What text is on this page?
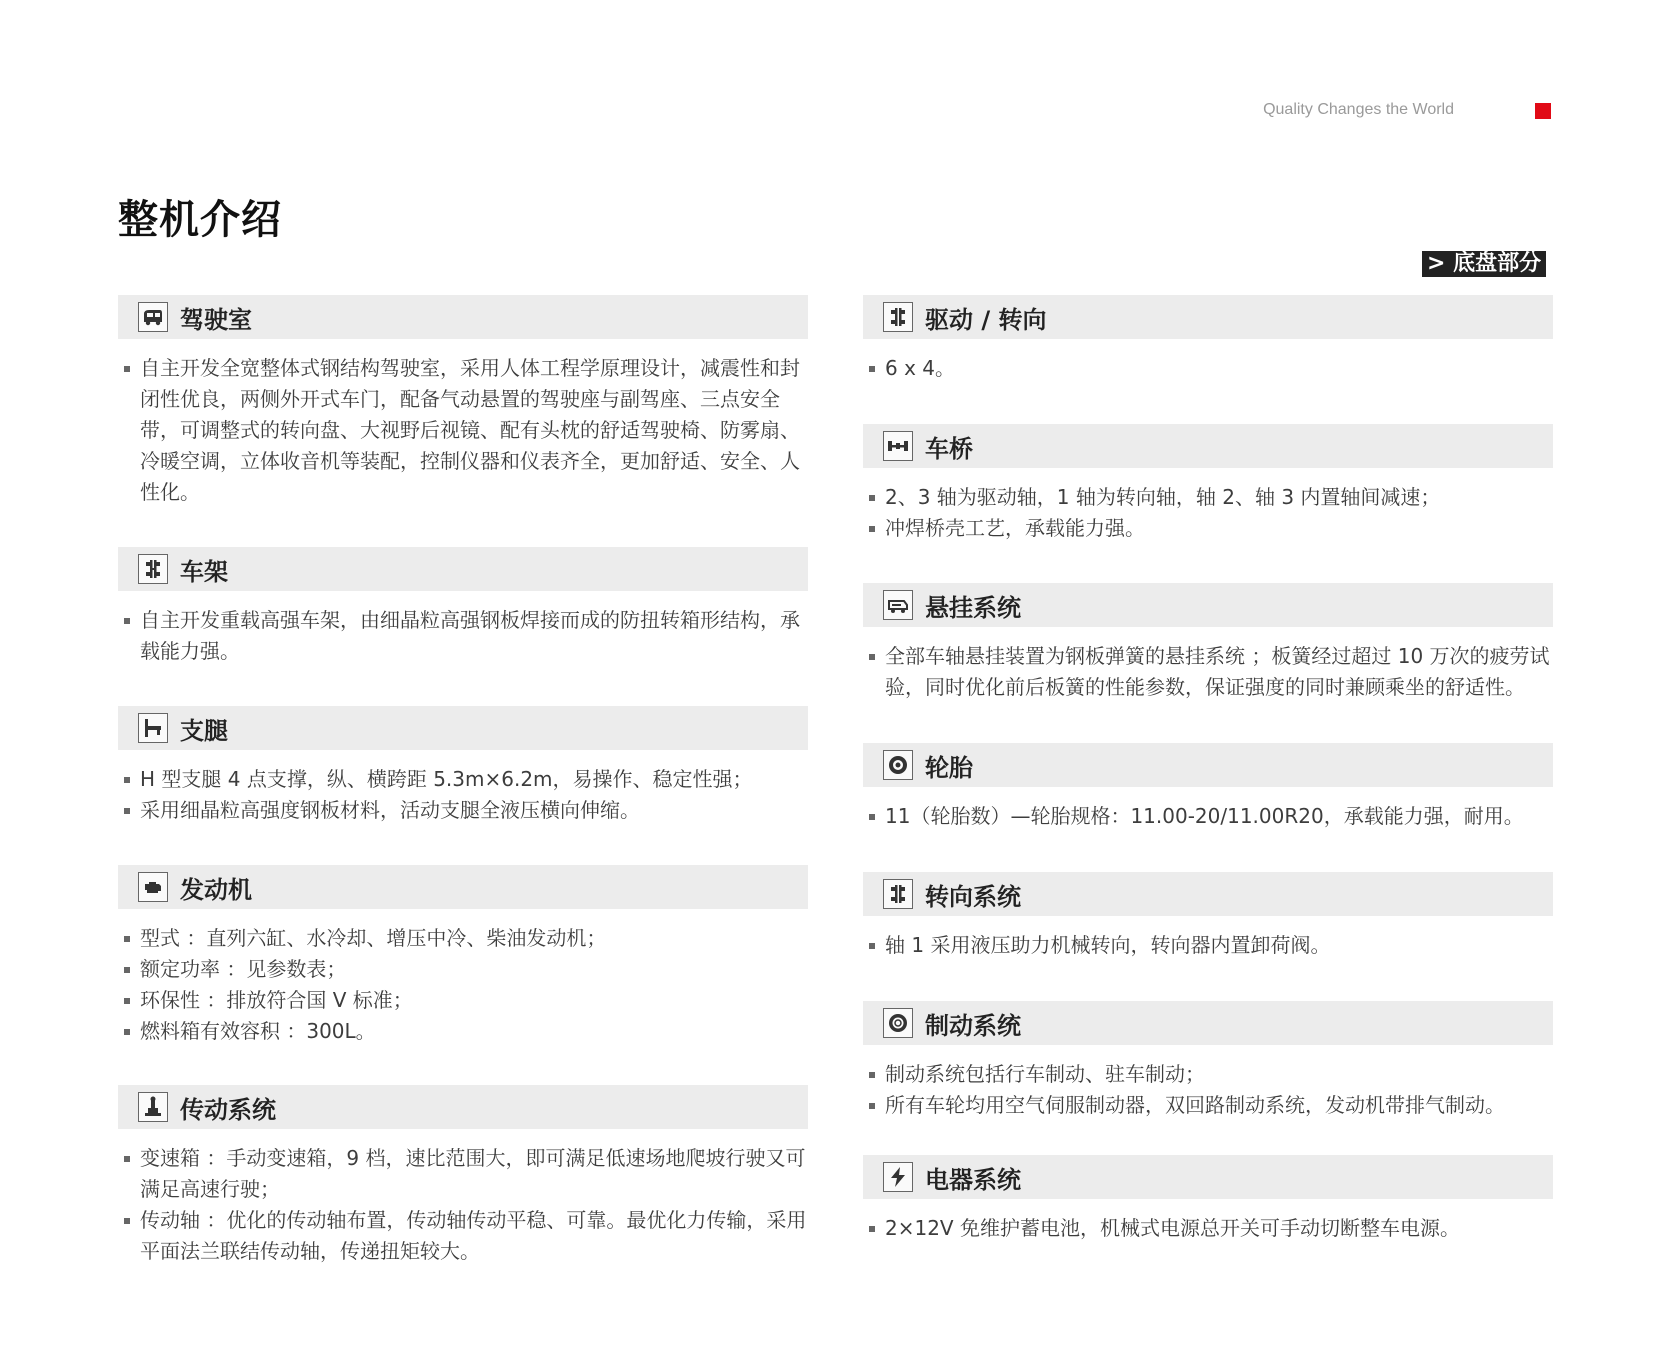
Quality Changes the World
整机介绍
> 底盘部分
驾驶室
自主开发全宽整体式钢结构驾驶室，采用人体工程学原理设计，减震性和封闭性优良，两侧外开式车门，配备气动悬置的驾驶座与副驾座、三点安全带，可调整式的转向盘、大视野后视镜、配有头枕的舒适驾驶椅、防雾扇、冷暖空调，立体收音机等装配，控制仪器和仪表齐全，更加舒适、安全、人性化。
车架
自主开发重载高强车架，由细晶粒高强钢板焊接而成的防扭转箱形结构，承载能力强。
支腿
H 型支腿 4 点支撑，纵、横跨距 5.3m×6.2m，易操作、稳定性强；
采用细晶粒高强度钢板材料，活动支腿全液压横向伸缩。
发动机
型式 ：直列六缸、水冷却、增压中冷、柴油发动机；
额定功率 ：见参数表；
环保性 ：排放符合国 V 标准；
燃料箱有效容积 ：300L。
传动系统
变速箱 ：手动变速箱，9 档，速比范围大，即可满足低速场地爬坡行驶又可满足高速行驶；
传动轴 ：优化的传动轴布置，传动轴传动平稳、可靠。最优化力传输，采用平面法兰联结传动轴，传递扭矩较大。
驱动 / 转向
6 x 4。
车桥
2、3 轴为驱动轴，1 轴为转向轴，轴 2、轴 3 内置轴间减速；
冲焊桥壳工艺，承载能力强。
悬挂系统
全部车轴悬挂装置为钢板弹簧的悬挂系统 ；板簧经过超过 10 万次的疲劳试验，同时优化前后板簧的性能参数，保证强度的同时兼顾乘坐的舒适性。
轮胎
11（轮胎数）—轮胎规格：11.00-20/11.00R20，承载能力强，耐用。
转向系统
轴 1 采用液压助力机械转向，转向器内置卸荷阀。
制动系统
制动系统包括行车制动、驻车制动；
所有车轮均用空气伺服制动器，双回路制动系统，发动机带排气制动。
电器系统
2×12V 免维护蓄电池，机械式电源总开关可手动切断整车电源。
